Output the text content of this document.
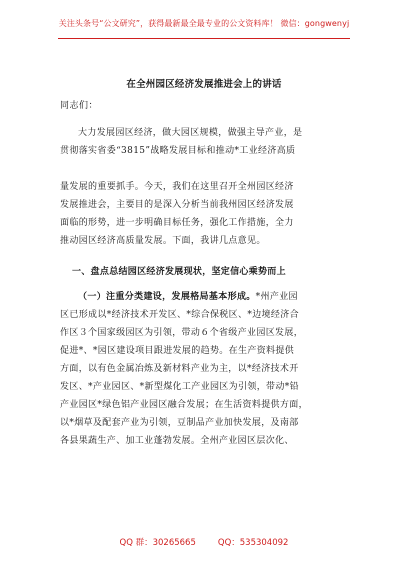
关注头条号“公文研究”，获得最新最全最专业的公文资料库！ 微信：gongwenyj
在全州园区经济发展推进会上的讲话
同志们：
大力发展园区经济，做大园区规模，做强主导产业，是
贯彻落实省委“3815”战略发展目标和推动*工业经济高质
量发展的重要抓手。今天，我们在这里召开全州园区经济
发展推进会，主要目的是深入分析当前我州园区经济发展
面临的形势，进一步明确目标任务，强化工作措施，全力
推动园区经济高质量发展。下面，我讲几点意见。
一、盘点总结园区经济发展现状，坚定信心乘势而上
（一）注重分类建设，发展格局基本形成。*州产业园
区已形成以*经济技术开发区、*综合保税区、*边境经济合
作区３个国家级园区为引领，带动６个省级产业园区发展，
促进*、*园区建设项目跟进发展的趋势。在生产资料提供
方面，以有色金属冶炼及新材料产业为主，以*经济技术开
发区、*产业园区、*新型煤化工产业园区为引领，带动*铅
产业园区*绿色铝产业园区融合发展；在生活资料提供方面，
以*烟草及配套产业为引领，豆制品产业加快发展，及南部
各县果蔬生产、加工业蓬勃发展。全州产业园区层次化、
QQ 群：30265665	QQ：535304092
